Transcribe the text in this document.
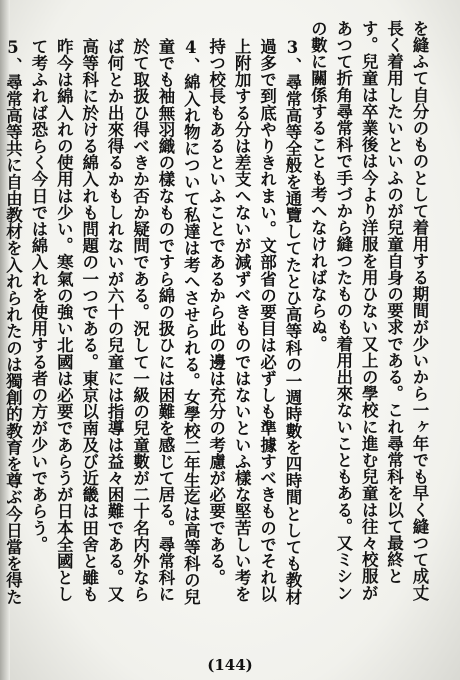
を縫ふて自分のものとして着用する期間が少いから一ヶ年でも早く縫つて成丈長く着用したいといふのが兒童自身の要求である。これ尋常科を以て最終とす。兒童は卒業後は今より洋服を用ひない又上の學校に進む兒童は往々校服があつて折角尋常科で手づから縫つたものも着用出來ないこともある。又ミシンの數に關係することも考へなければならぬ。

3、尋常高等全般を通覽してたとひ高等科の一週時數を四時間としても教材過多で到底やりきれまい。文部省の要目は必ずしも準據すべきものでそれ以上附加する分は差支へないが減ずべきものではないといふ樣な堅苦しい考を持つ校長もあるといふことであるから此の邊は充分の考慮が必要である。

4、綿入れ物について私達は考へさせられる。女學校二年生迄は高等科の兒童でも袖無羽織の樣なものですら綿の扱ひには困難を感じて居る。尋常科に於て取扱ひ得べきか否か疑問である。況して一級の兒童數が二十名内外ならば何とか出來得るかもしれないが六十の兒童には指導は益々困難である。又高等科に於ける綿入れも問題の一つである。東京以南及び近畿は田舍と雖も昨今は綿入れの使用は少い。寒氣の強い北國は必要であらうが日本全國として考ふれば恐らく今日では綿入れを使用する者の方が少いであらう。

5、尋常高等共に自由教材を入れられたのは獨創的教育を尊ぶ今日當を得た

(144)
